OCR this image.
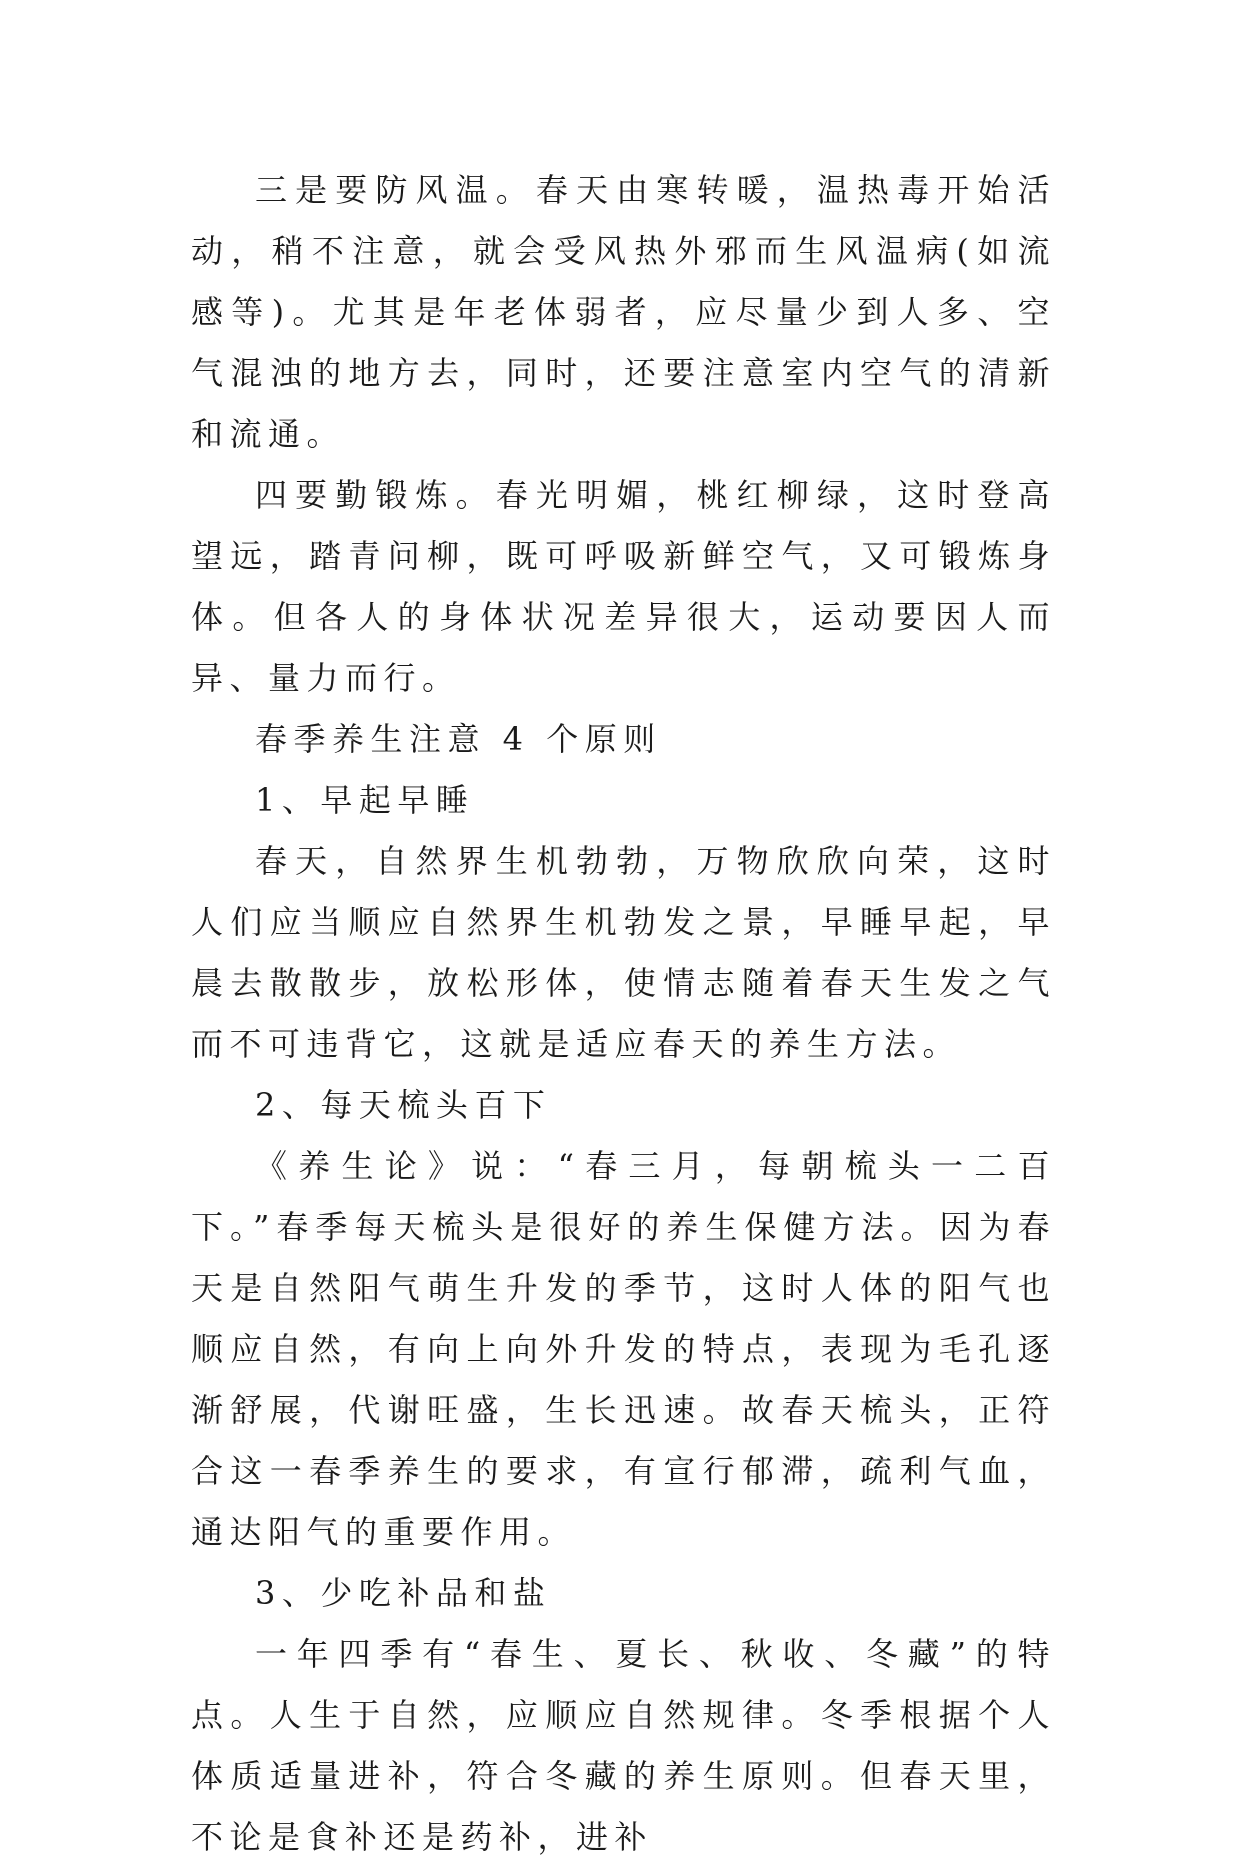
三是要防风温。春天由寒转暖，温热毒开始活动，稍不注意，就会受风热外邪而生风温病(如流感等)。尤其是年老体弱者，应尽量少到人多、空气混浊的地方去，同时，还要注意室内空气的清新和流通。

四要勤锻炼。春光明媚，桃红柳绿，这时登高望远，踏青问柳，既可呼吸新鲜空气，又可锻炼身体。但各人的身体状况差异很大，运动要因人而异、量力而行。

春季养生注意 4 个原则

1、早起早睡

春天，自然界生机勃勃，万物欣欣向荣，这时人们应当顺应自然界生机勃发之景，早睡早起，早晨去散散步，放松形体，使情志随着春天生发之气而不可违背它，这就是适应春天的养生方法。

2、每天梳头百下

《养生论》说：“春三月，每朝梳头一二百下。”春季每天梳头是很好的养生保健方法。因为春天是自然阳气萌生升发的季节，这时人体的阳气也顺应自然，有向上向外升发的特点，表现为毛孔逐渐舒展，代谢旺盛，生长迅速。故春天梳头，正符合这一春季养生的要求，有宣行郁滞，疏利气血，通达阳气的重要作用。

3、少吃补品和盐

一年四季有“春生、夏长、秋收、冬藏”的特点。人生于自然，应顺应自然规律。冬季根据个人体质适量进补，符合冬藏的养生原则。但春天里，不论是食补还是药补，进补
